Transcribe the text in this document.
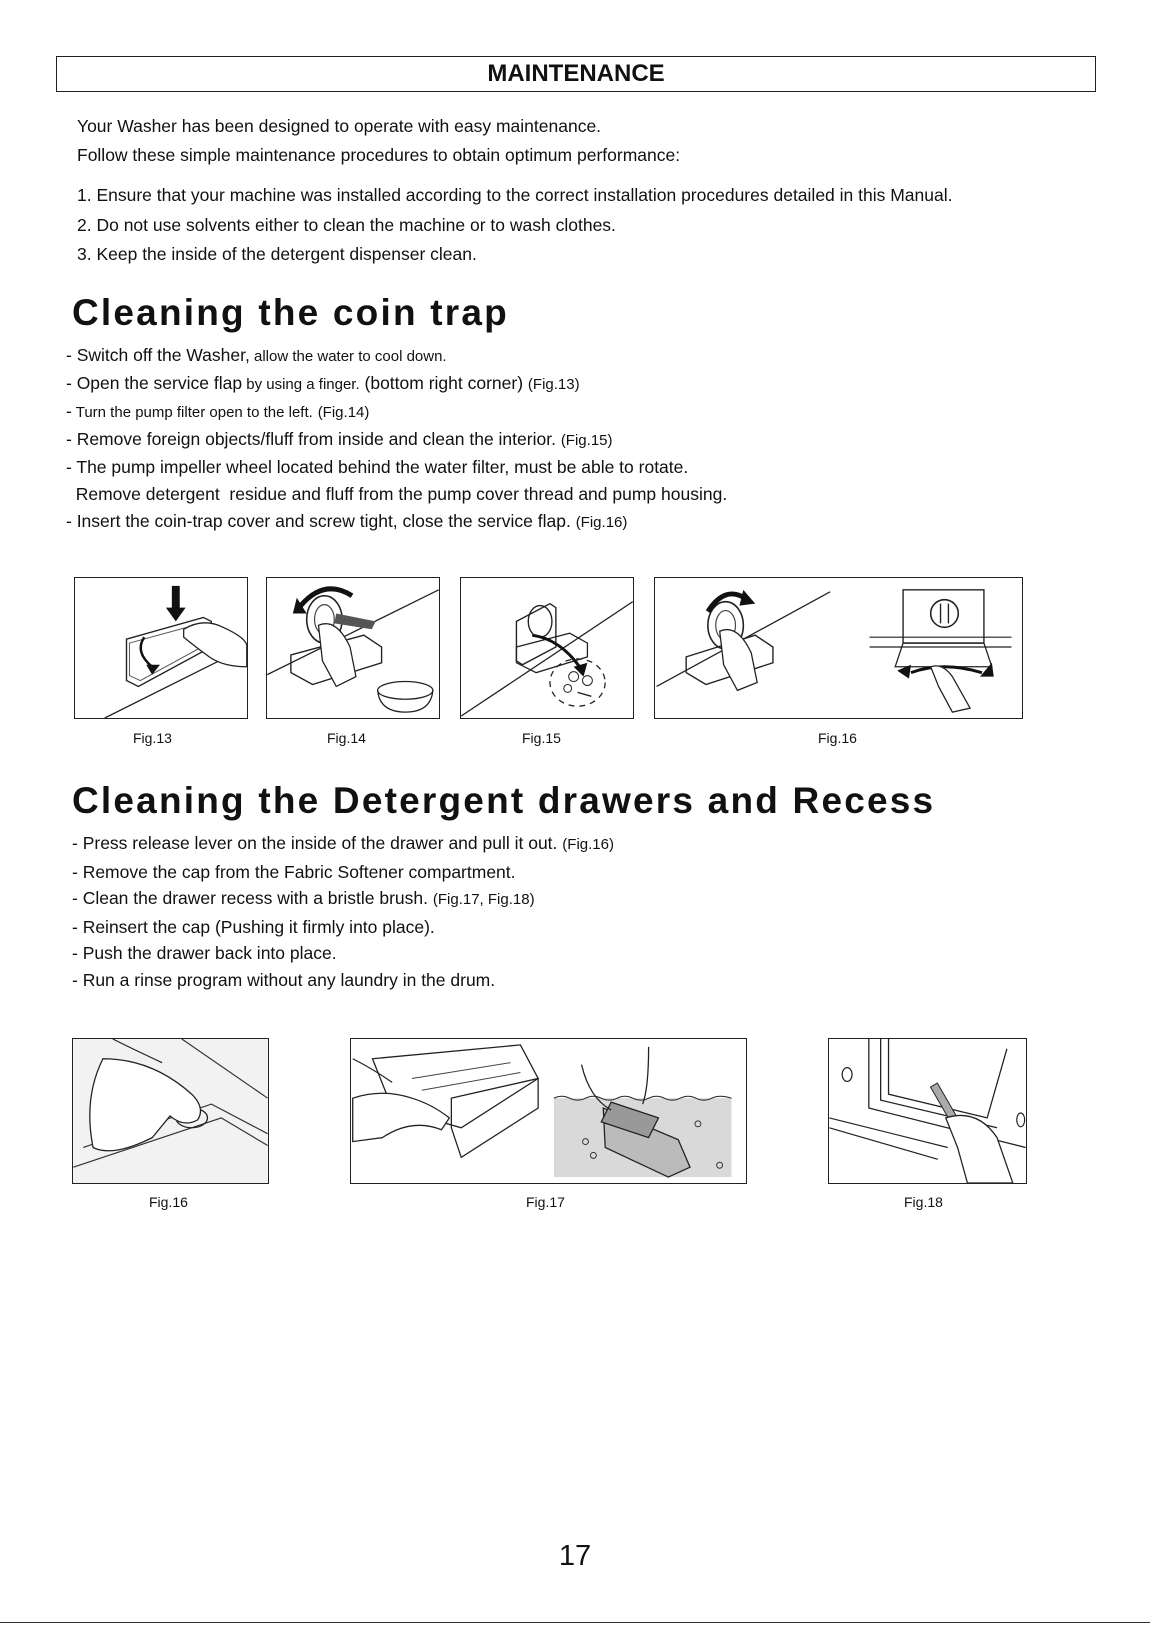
MAINTENANCE

Your Washer has been designed to operate with easy maintenance.

Follow these simple maintenance procedures to obtain optimum performance:

1. Ensure that your machine was installed according to the correct installation procedures detailed in this Manual.

2. Do not use solvents either to clean the machine or to wash clothes.

3. Keep the inside of the detergent dispenser clean.

Cleaning the coin trap

- Switch off the Washer, allow the water to cool down.

- Open the service flap by using a finger. (bottom right corner) (Fig.13)

- Turn the pump filter open to the left. (Fig.14)

- Remove foreign objects/fluff from inside and clean the interior. (Fig.15)

- The pump impeller wheel located behind the water filter, must be able to rotate.

Remove detergent  residue and fluff from the pump cover thread and pump housing.

- Insert the coin-trap cover and screw tight, close the service flap. (Fig.16)

Fig.13	Fig.14	Fig.15	Fig.16
Cleaning the Detergent drawers and Recess

- Press release lever on the inside of the drawer and pull it out. (Fig.16)

- Remove the cap from the Fabric Softener compartment.

- Clean the drawer recess with a bristle brush. (Fig.17, Fig.18)

- Reinsert the cap (Pushing it firmly into place).

- Push the drawer back into place.

- Run a rinse program without any laundry in the drum.

Fig.16	Fig.17	Fig.18
17
